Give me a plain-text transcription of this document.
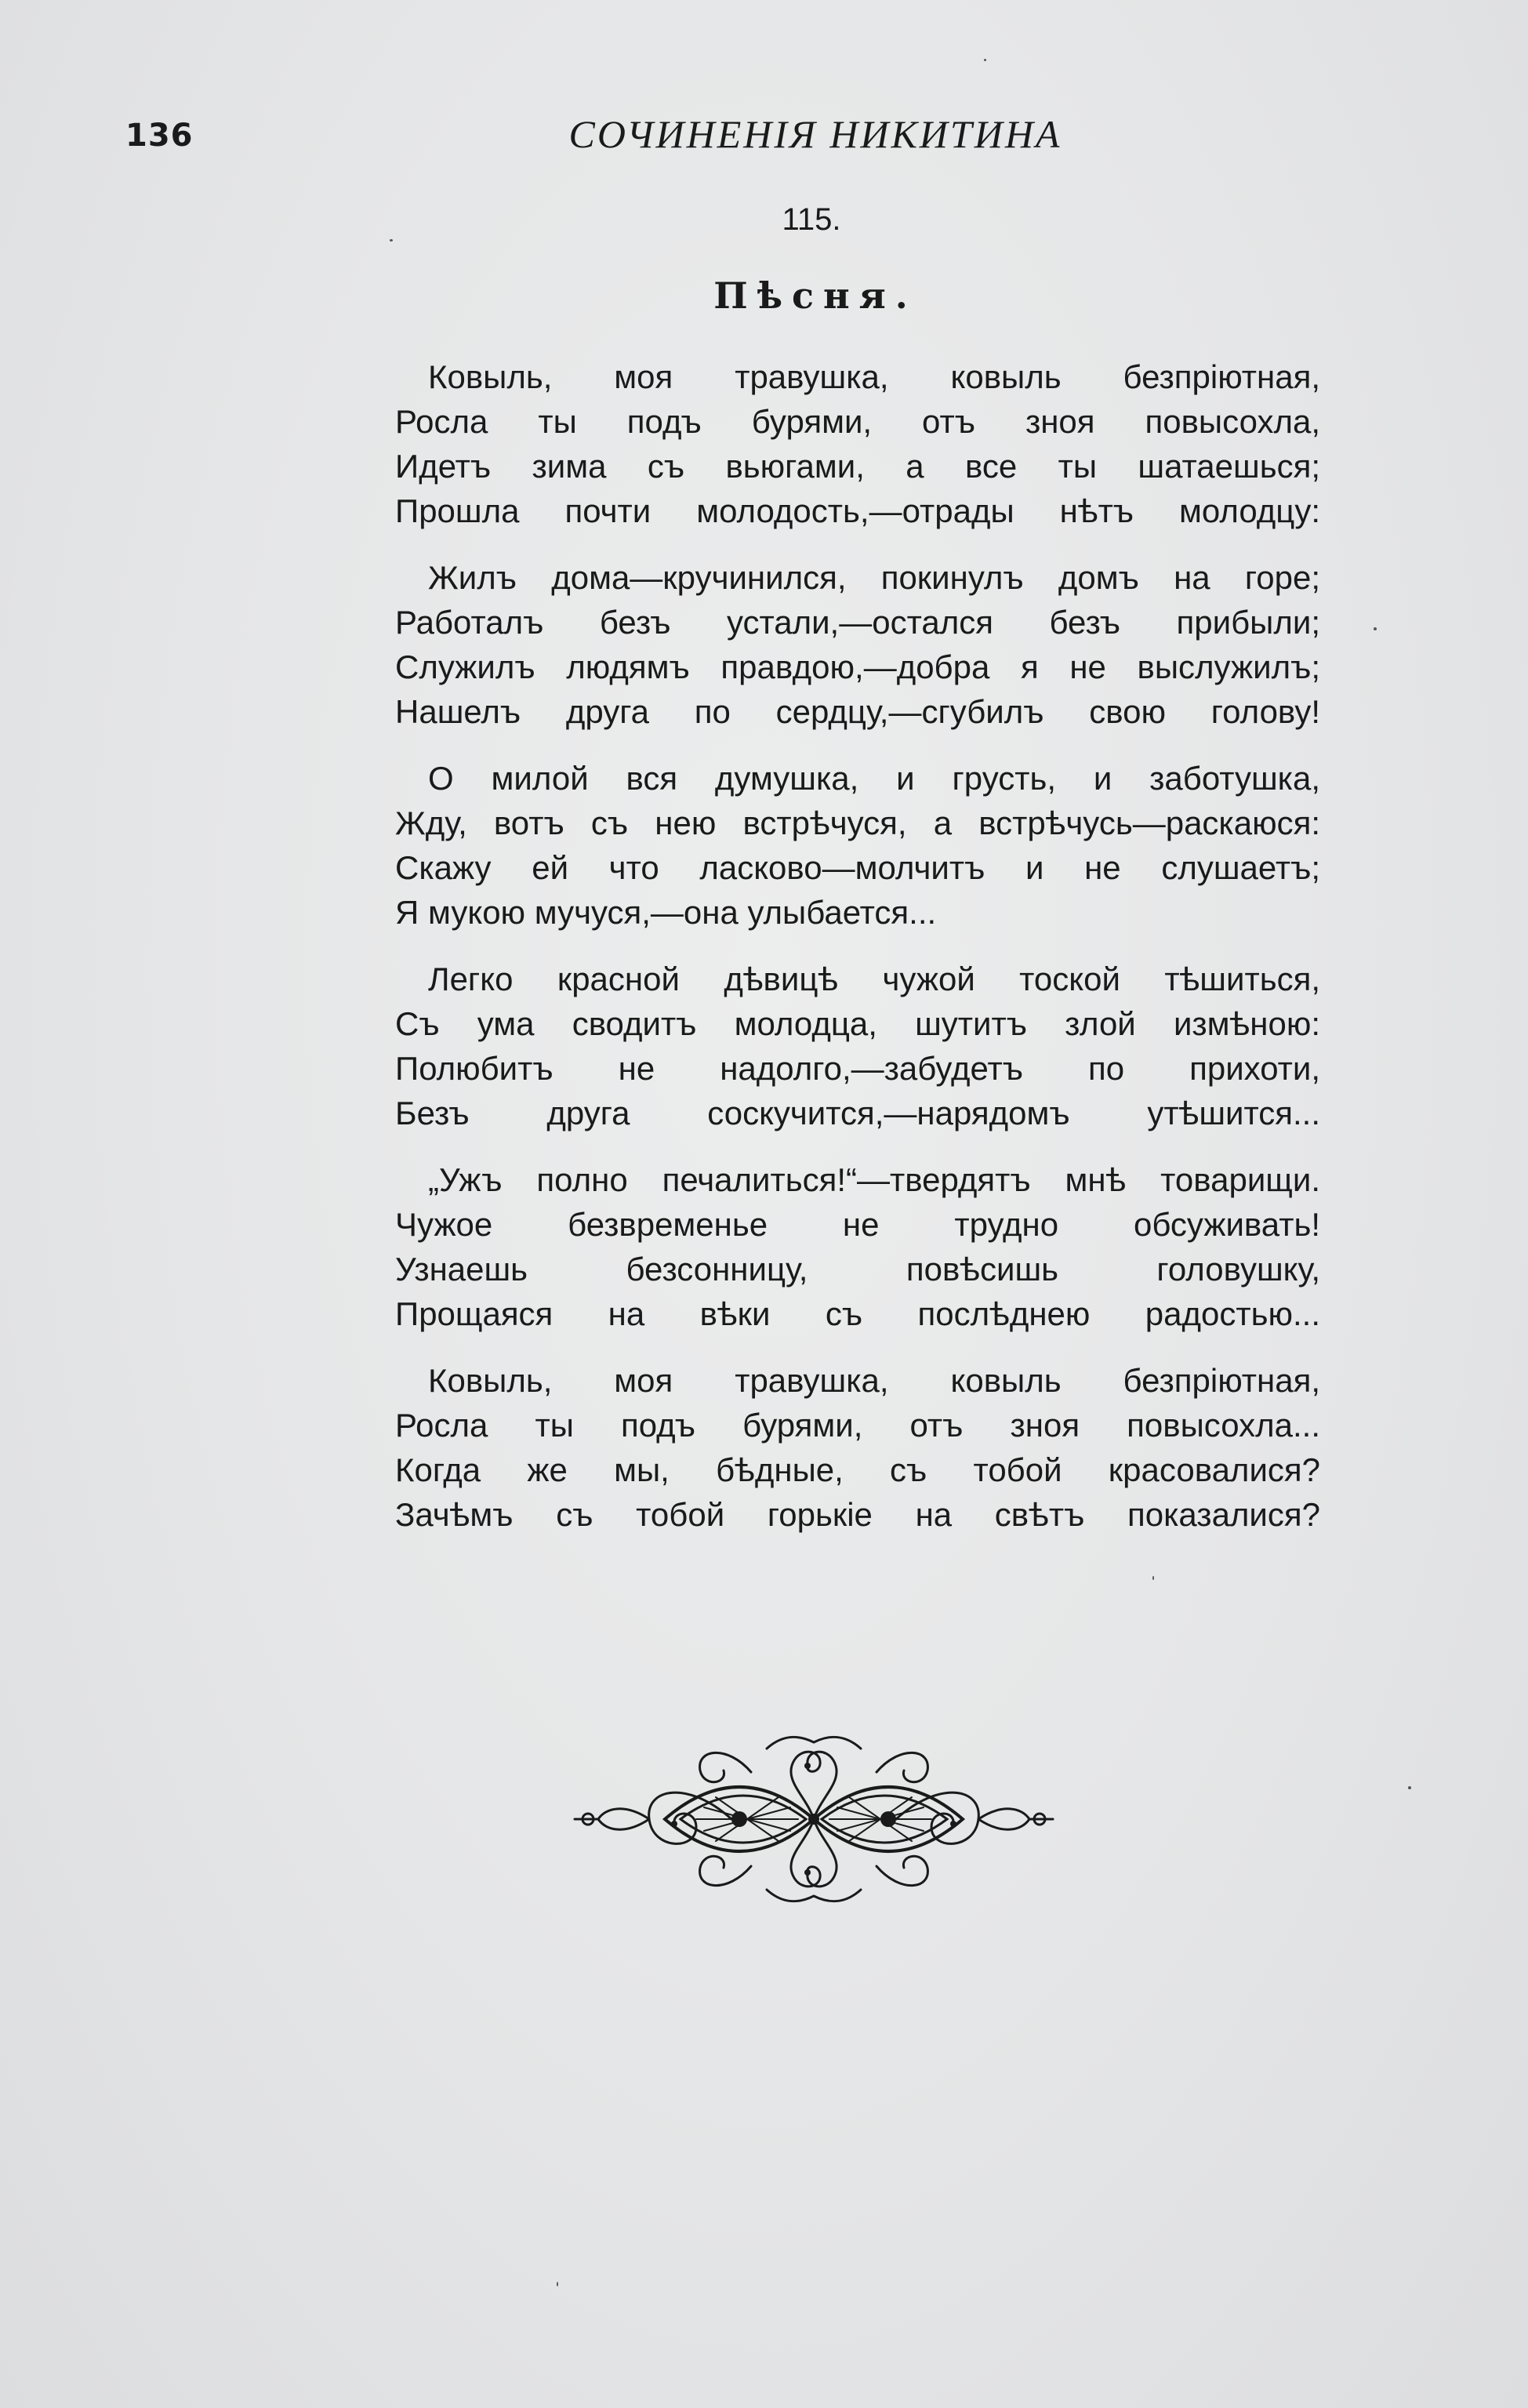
136	СОЧИНЕНІЯ НИКИТИНА
115.
Пѣсня.
Ковыль, моя травушка, ковыль безпріютная,
Росла ты подъ бурями, отъ зноя повысохла,
Идетъ зима съ вьюгами, а все ты шатаешься;
Прошла почти молодость,—отрады нѣтъ молодцу:
Жилъ дома—кручинился, покинулъ домъ на горе;
Работалъ безъ устали,—остался безъ прибыли;
Служилъ людямъ правдою,—добра я не выслужилъ;
Нашелъ друга по сердцу,—сгубилъ свою голову!
О милой вся думушка, и грусть, и заботушка,
Жду, вотъ съ нею встрѣчуся, а встрѣчусь—раскаюся:
Скажу ей что ласково—молчитъ и не слушаетъ;
Я мукою мучуся,—она улыбается...
Легко красной дѣвицѣ чужой тоской тѣшиться,
Съ ума сводитъ молодца, шутитъ злой измѣною:
Полюбитъ не надолго,—забудетъ по прихоти,
Безъ друга соскучится,—нарядомъ утѣшится...
„Ужъ полно печалиться!“—твердятъ мнѣ товарищи.
Чужое безвременье не трудно обсуживать!
Узнаешь безсонницу, повѣсишь головушку,
Прощаяся на вѣки съ послѣднею радостью...
Ковыль, моя травушка, ковыль безпріютная,
Росла ты подъ бурями, отъ зноя повысохла...
Когда же мы, бѣдные, съ тобой красовалися?
Зачѣмъ съ тобой горькіе на свѣтъ показалися?
